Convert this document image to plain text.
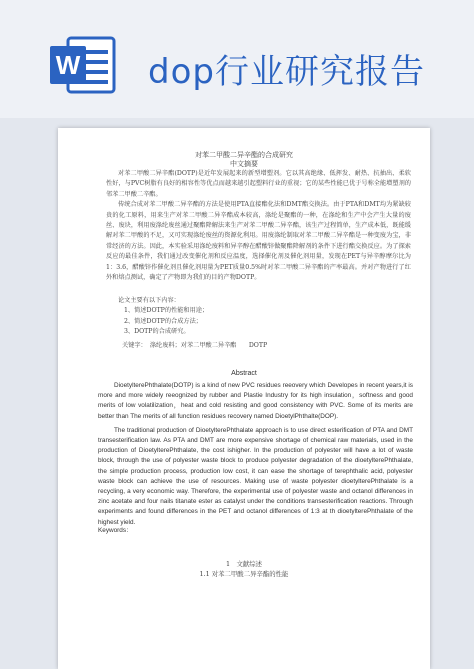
W dop行业研究报告
对苯二甲酸二异辛酯的合成研究
中文摘要

对苯二甲酸二异辛酯(DOTP)是近年发展起来的新型增塑剂。它以其高绝缘、低挥发、耐热、抗抽出、柔软性好，与PVC树脂有良好的相容性等优点而越来越引起塑料行业的重视；它的某些性能已优于号称全能增塑剂的邻苯二甲酸二辛酯。

传统合成对苯二甲酸二异辛酯的方法是使用PTA直接酯化法和DMT酯交换法。由于PTA和DMT均为紧缺较贵的化工原料，用来生产对苯二甲酸二异辛酯成本较高，涤纶是聚酯的一种，在涤纶和生产中会产生大量的废丝、废块，利用废涤纶废丝通过聚酯降解法来生产对苯二甲酸二异辛酯，该生产过程简单，生产成本低，既能缓解对苯二甲酸的不足，又可实现涤纶废丝的资源化利用。用废涤纶制取对苯二甲酸二异辛酯是一种变废为宝，非常经济的方法。因此，本实验采用涤纶废料和异辛醇在醋酸锌做聚酯降解剂的条件下进行酯交换反应。为了探索反应的最佳条件，我们通过改变催化剂和反应温度，选择催化剂及催化剂用量，发现在PET与异辛醇摩尔比为1：3.6，醋酸锌作催化剂且催化剂用量为PET质量0.5%时对苯二甲酸二异辛酯的产率最高。并对产物进行了红外和熔点测试，确定了产物即为我们的目的产物DOTP。

论文主要有以下内容：
1、简述DOTP的性能和用途；
2、简述DOTP的合成方法；
3、DOTP的合成研究。
关键字：　涤纶废料；对苯二甲酸二异辛酯　　DOTP
Abstract

DioetylterePhthalate(DOTP) is a kind of new PVC residues reeovery which Developes in recent years,it is more and more widely reeognized by rubber and Plastie Industry for its high insulation，softness and good merits of low volatilization，heat and cold resisting and good consistency with PVC. Some of its merits are better than The merits of all function residues recovery named DioetylPhthalte(DOP).

The traditional production of DioetylterePhthalate approach is to use direct esterification of PTA and DMT transesterification law. As PTA and DMT are more expensive shortage of chemical raw materials, used in the production of DioetylterePhthalate, the cost ishigher. In the production of polyester will have a lot of waste block, through the use of polyester waste block to produce polyester degradation of the dioetylterePhthalate, the simple production process, production low cost, it can ease the shortage of terephthalic acid, polyester waste block can achieve the use of resources. Making use of waste polyester dioetylterePhthalate is a recycling, a very economic way. Therefore, the experimental use of polyester waste and octanol differences in zinc acetate and four nails titanate ester as catalyst under the conditions transesterification reactions. Through experiments and found differences in the PET and octanol differences of 1:3 at th dioetylterePhthalate of the highest yield.

Keywords：
1　文献综述
1.1 对苯二甲酸二异辛酯的性能
